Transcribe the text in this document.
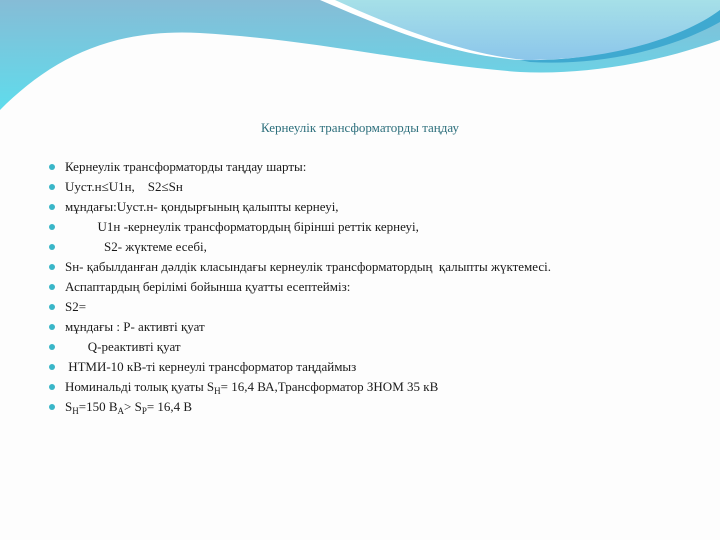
Кернеулік трансформаторды таңдау
Кернеулік трансформаторды таңдау шарты:
Uуст.н≤U1н,    S2≤Sн
мұндағы:Uуст.н- қондырғының қалыпты кернеуі,
U1н -кернеулік трансформатордың бірінші реттік кернеуі,
S2- жүктеме есебі,
Sн- қабылданған дәлдік класындағы кернеулік трансформатордың  қалыпты жүктемесі.
Аспаптардың берілімі бойынша қуатты есептейміз:
S2=
мұндағы : Р- активті қуат
Q-реактивті қуат
НТМИ-10 кВ-ті кернеулі трансформатор таңдаймыз
Номинальді толық қуаты $S_Н= 16,4$ ВА,Трансформатор ЗНОМ 35 кВ
$S_Н=150$ $В_А> S_Р= 16,4$ В
